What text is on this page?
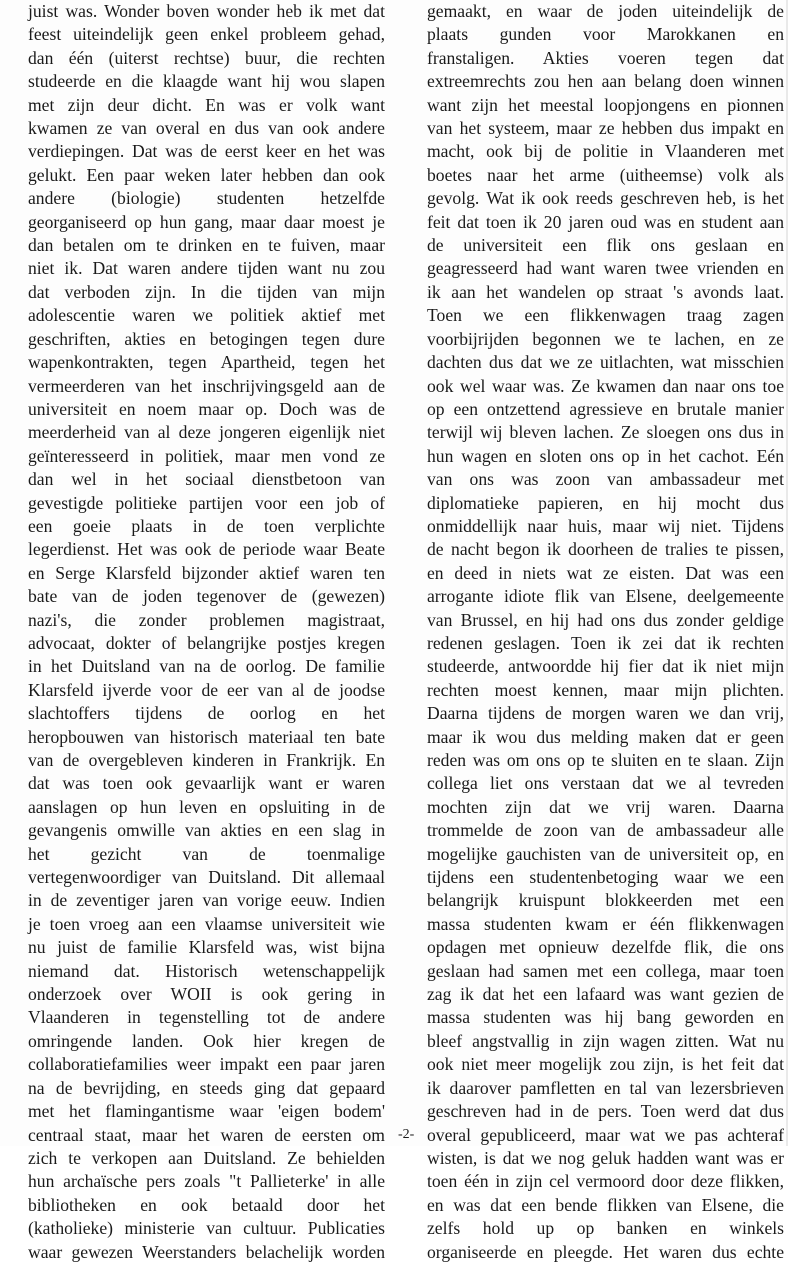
juist was. Wonder boven wonder heb ik met dat
feest uiteindelijk geen enkel probleem gehad,
dan één (uiterst rechtse) buur, die rechten
studeerde en die klaagde want hij wou slapen
met zijn deur dicht. En was er volk want
kwamen ze van overal en dus van ook andere
verdiepingen. Dat was de eerst keer en het was
gelukt. Een paar weken later hebben dan ook
andere (biologie) studenten hetzelfde
georganiseerd op hun gang, maar daar moest je
dan betalen om te drinken en te fuiven, maar
niet ik. Dat waren andere tijden want nu zou
dat verboden zijn. In die tijden van mijn
adolescentie waren we politiek aktief met
geschriften, akties en betogingen tegen dure
wapenkontrakten, tegen Apartheid, tegen het
vermeerderen van het inschrijvingsgeld aan de
universiteit en noem maar op. Doch was de
meerderheid van al deze jongeren eigenlijk niet
geïnteresseerd in politiek, maar men vond ze
dan wel in het sociaal dienstbetoon van
gevestigde politieke partijen voor een job of
een goeie plaats in de toen verplichte
legerdienst. Het was ook de periode waar Beate
en Serge Klarsfeld bijzonder aktief waren ten
bate van de joden tegenover de (gewezen)
nazi's, die zonder problemen magistraat,
advocaat, dokter of belangrijke postjes kregen
in het Duitsland van na de oorlog. De familie
Klarsfeld ijverde voor de eer van al de joodse
slachtoffers tijdens de oorlog en het
heropbouwen van historisch materiaal ten bate
van de overgebleven kinderen in Frankrijk. En
dat was toen ook gevaarlijk want er waren
aanslagen op hun leven en opsluiting in de
gevangenis omwille van akties en een slag in
het gezicht van de toenmalige
vertegenwoordiger van Duitsland. Dit allemaal
in de zeventiger jaren van vorige eeuw. Indien
je toen vroeg aan een vlaamse universiteit wie
nu juist de familie Klarsfeld was, wist bijna
niemand dat. Historisch wetenschappelijk
onderzoek over WOII is ook gering in
Vlaanderen in tegenstelling tot de andere
omringende landen. Ook hier kregen de
collaboratiefamilies weer impakt een paar jaren
na de bevrijding, en steeds ging dat gepaard
met het flamingantisme waar 'eigen bodem'
centraal staat, maar het waren de eersten om
zich te verkopen aan Duitsland. Ze behielden
hun archaïsche pers zoals "t Pallieterke' in alle
bibliotheken en ook betaald door het
(katholieke) ministerie van cultuur. Publicaties
waar gewezen Weerstanders belachelijk worden
gemaakt, en waar de joden uiteindelijk de
plaats gunden voor Marokkanen en
franstaligen. Akties voeren tegen dat
extreemrechts zou hen aan belang doen winnen
want zijn het meestal loopjongens en pionnen
van het systeem, maar ze hebben dus impakt en
macht, ook bij de politie in Vlaanderen met
boetes naar het arme (uitheemse) volk als
gevolg. Wat ik ook reeds geschreven heb, is het
feit dat toen ik 20 jaren oud was en student aan
de universiteit een flik ons geslaan en
geagresseerd had want waren twee vrienden en
ik aan het wandelen op straat 's avonds laat.
Toen we een flikkenwagen traag zagen
voorbijrijden begonnen we te lachen, en ze
dachten dus dat we ze uitlachten, wat misschien
ook wel waar was. Ze kwamen dan naar ons toe
op een ontzettend agressieve en brutale manier
terwijl wij bleven lachen. Ze sloegen ons dus in
hun wagen en sloten ons op in het cachot. Eén
van ons was zoon van ambassadeur met
diplomatieke papieren, en hij mocht dus
onmiddellijk naar huis, maar wij niet. Tijdens
de nacht begon ik doorheen de tralies te pissen,
en deed in niets wat ze eisten. Dat was een
arrogante idiote flik van Elsene, deelgemeente
van Brussel, en hij had ons dus zonder geldige
redenen geslagen. Toen ik zei dat ik rechten
studeerde, antwoordde hij fier dat ik niet mijn
rechten moest kennen, maar mijn plichten.
Daarna tijdens de morgen waren we dan vrij,
maar ik wou dus melding maken dat er geen
reden was om ons op te sluiten en te slaan. Zijn
collega liet ons verstaan dat we al tevreden
mochten zijn dat we vrij waren. Daarna
trommelde de zoon van de ambassadeur alle
mogelijke gauchisten van de universiteit op, en
tijdens een studentenbetoging waar we een
belangrijk kruispunt blokkeerden met een
massa studenten kwam er één flikkenwagen
opdagen met opnieuw dezelfde flik, die ons
geslaan had samen met een collega, maar toen
zag ik dat het een lafaard was want gezien de
massa studenten was hij bang geworden en
bleef angstvallig in zijn wagen zitten. Wat nu
ook niet meer mogelijk zou zijn, is het feit dat
ik daarover pamfletten en tal van lezersbrieven
geschreven had in de pers. Toen werd dat dus
overal gepubliceerd, maar wat we pas achteraf
wisten, is dat we nog geluk hadden want was er
toen één in zijn cel vermoord door deze flikken,
en was dat een bende flikken van Elsene, die
zelfs hold up op banken en winkels
organiseerde en pleegde. Het waren dus echte
-2-
